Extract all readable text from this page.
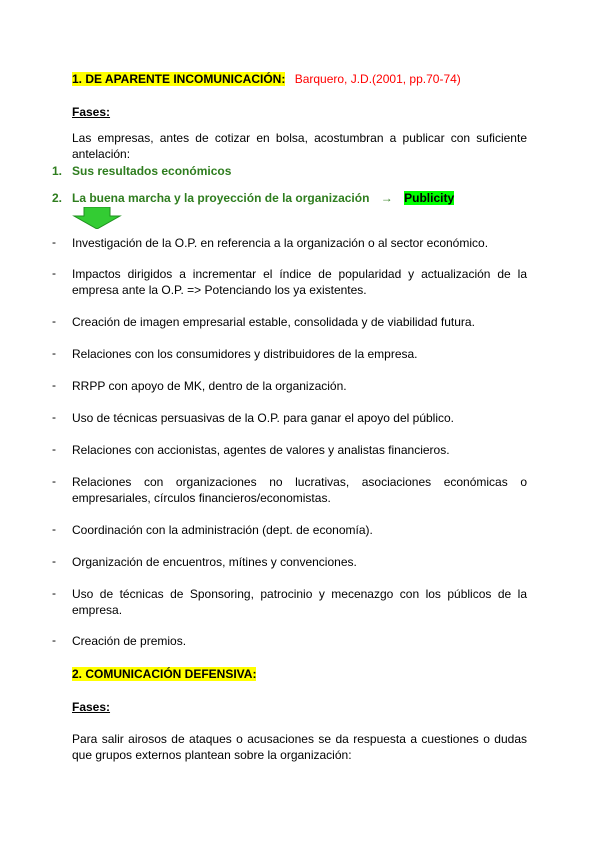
1. DE APARENTE INCOMUNICACIÓN: Barquero, J.D.(2001, pp.70-74)
Fases:
Las empresas, antes de cotizar en bolsa, acostumbran a publicar con suficiente antelación:
1. Sus resultados económicos
2. La buena marcha y la proyección de la organización → Publicity
- Investigación de la O.P. en referencia a la organización o al sector económico.
- Impactos dirigidos a incrementar el índice de popularidad y actualización de la empresa ante la O.P. => Potenciando los ya existentes.
- Creación de imagen empresarial estable, consolidada y de viabilidad futura.
- Relaciones con los consumidores y distribuidores de la empresa.
- RRPP con apoyo de MK, dentro de la organización.
- Uso de técnicas persuasivas de la O.P. para ganar el apoyo del público.
- Relaciones con accionistas, agentes de valores y analistas financieros.
- Relaciones con organizaciones no lucrativas, asociaciones económicas o empresariales, círculos financieros/economistas.
- Coordinación con la administración (dept. de economía).
- Organización de encuentros, mítines y convenciones.
- Uso de técnicas de Sponsoring, patrocinio y mecenazgo con los públicos de la empresa.
- Creación de premios.
2. COMUNICACIÓN DEFENSIVA:
Fases:
Para salir airosos de ataques o acusaciones se da respuesta a cuestiones o dudas que grupos externos plantean sobre la organización:
